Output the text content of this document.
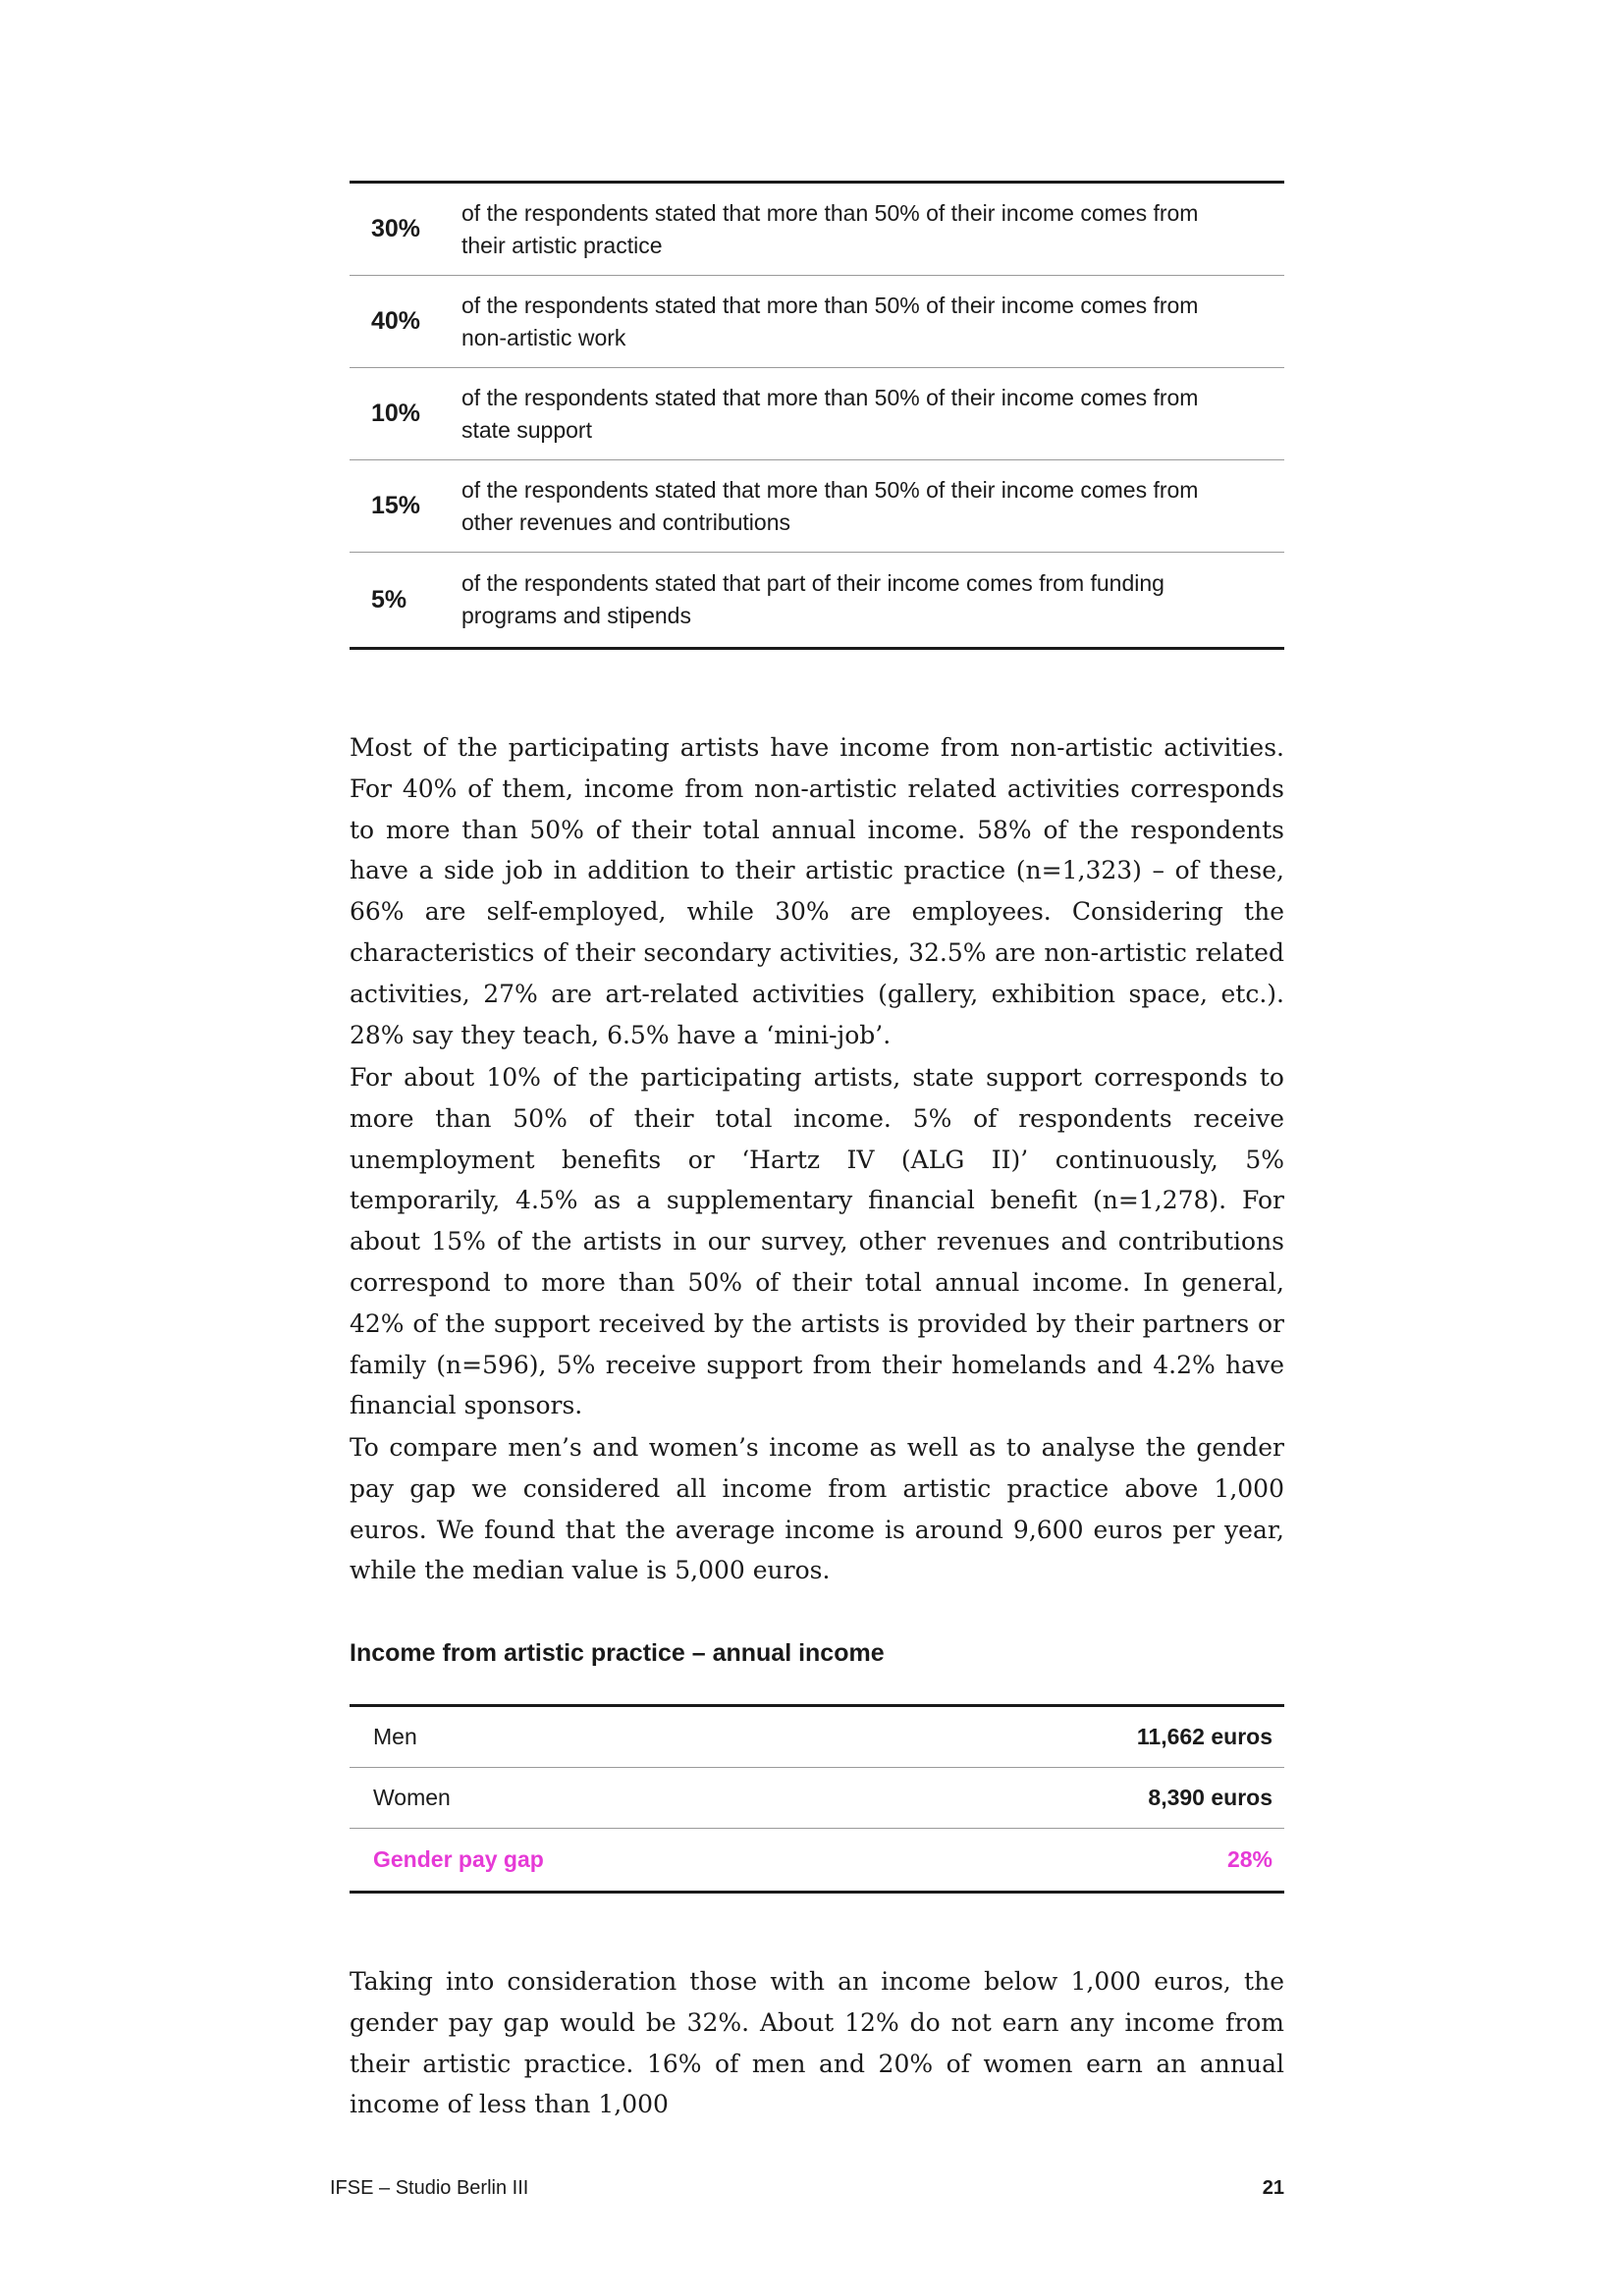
30%
of the respondents stated that more than 50% of their income comes from their artistic practice
40%
of the respondents stated that more than 50% of their income comes from non-artistic work
10%
of the respondents stated that more than 50% of their income comes from state support
15%
of the respondents stated that more than 50% of their income comes from other revenues and contributions
5%
of the respondents stated that part of their income comes from funding programs and stipends

Most of the participating artists have income from non-artistic activities. For 40% of them, income from non-artistic related activities corresponds to more than 50% of their total annual income. 58% of the respondents have a side job in addition to their artistic practice (n=1,323) – of these, 66% are self-employed, while 30% are employees. Considering the characteristics of their secondary activities, 32.5% are non-artistic related activities, 27% are art-related activities (gallery, exhibition space, etc.). 28% say they teach, 6.5% have a ‘mini-job’.

For about 10% of the participating artists, state support corresponds to more than 50% of their total income. 5% of respondents receive unemployment benefits or ‘Hartz IV (ALG II)’ continuously, 5% temporarily, 4.5% as a supplementary financial benefit (n=1,278). For about 15% of the artists in our survey, other revenues and contributions correspond to more than 50% of their total annual income. In general, 42% of the support received by the artists is provided by their partners or family (n=596), 5% receive support from their homelands and 4.2% have financial sponsors.

To compare men’s and women’s income as well as to analyse the gender pay gap we considered all income from artistic practice above 1,000 euros. We found that the average income is around 9,600 euros per year, while the median value is 5,000 euros.

Income from artistic practice – annual income
Men	11,662 euros
Women	8,390 euros
Gender pay gap	28%

Taking into consideration those with an income below 1,000 euros, the gender pay gap would be 32%. About 12% do not earn any income from their artistic practice. 16% of men and 20% of women earn an annual income of less than 1,000

IFSE – Studio Berlin III	21
